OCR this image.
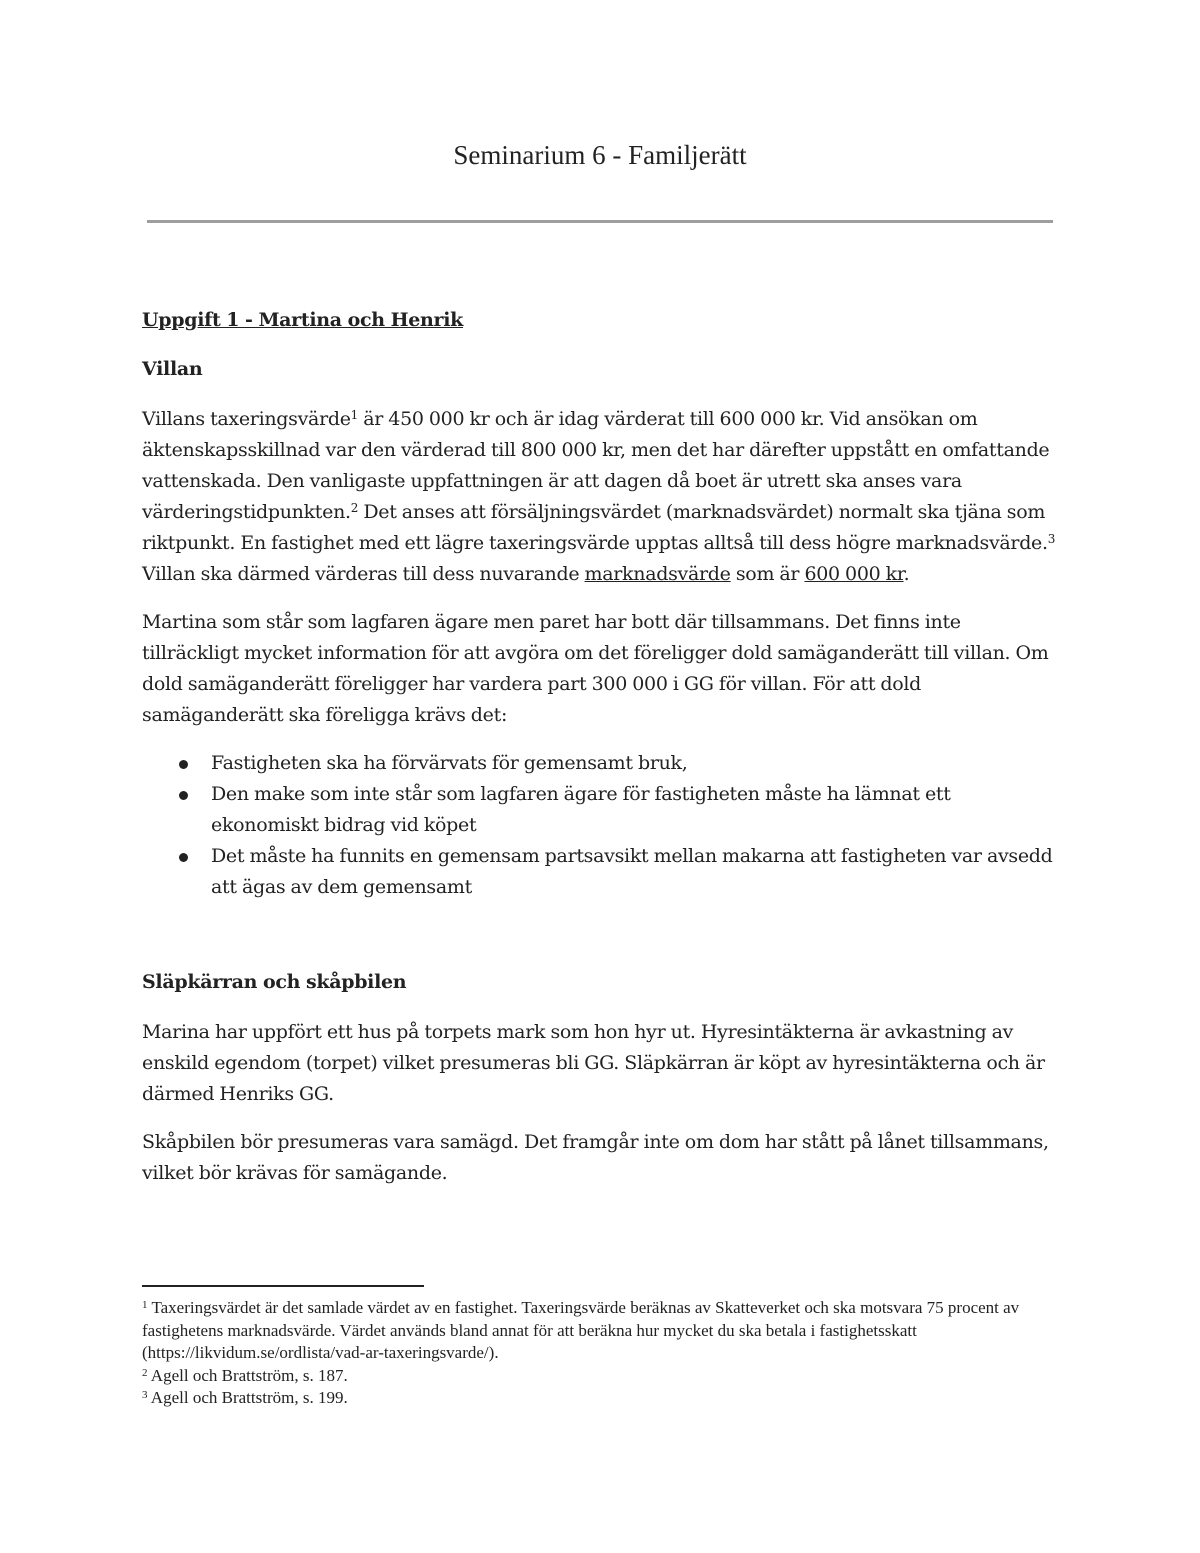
Seminarium 6 - Familjerätt
Uppgift 1 - Martina och Henrik
Villan

Villans taxeringsvärde$^1$ är 450 000 kr och är idag värderat till 600 000 kr. Vid ansökan om äktenskapsskillnad var den värderad till 800 000 kr, men det har därefter uppstått en omfattande vattenskada. Den vanligaste uppfattningen är att dagen då boet är utrett ska anses vara värderingstidpunkten.$^2$ Det anses att försäljningsvärdet (marknadsvärdet) normalt ska tjäna som riktpunkt. En fastighet med ett lägre taxeringsvärde upptas alltså till dess högre marknadsvärde.$^3$ Villan ska därmed värderas till dess nuvarande marknadsvärde som är 600 000 kr.

Martina som står som lagfaren ägare men paret har bott där tillsammans. Det finns inte tillräckligt mycket information för att avgöra om det föreligger dold samäganderätt till villan. Om dold samäganderätt föreligger har vardera part 300 000 i GG för villan. För att dold samäganderätt ska föreligga krävs det:

Fastigheten ska ha förvärvats för gemensamt bruk,
Den make som inte står som lagfaren ägare för fastigheten måste ha lämnat ett ekonomiskt bidrag vid köpet
Det måste ha funnits en gemensam partsavsikt mellan makarna att fastigheten var avsedd att ägas av dem gemensamt
Släpkärran och skåpbilen

Marina har uppfört ett hus på torpets mark som hon hyr ut. Hyresintäkterna är avkastning av enskild egendom (torpet) vilket presumeras bli GG. Släpkärran är köpt av hyresintäkterna och är därmed Henriks GG.

Skåpbilen bör presumeras vara samägd. Det framgår inte om dom har stått på lånet tillsammans, vilket bör krävas för samägande.

$^1$ Taxeringsvärdet är det samlade värdet av en fastighet. Taxeringsvärde beräknas av Skatteverket och ska motsvara 75 procent av fastighetens marknadsvärde. Värdet används bland annat för att beräkna hur mycket du ska betala i fastighetsskatt (https://likvidum.se/ordlista/vad-ar-taxeringsvarde/).

$^2$ Agell och Brattström, s. 187.

$^3$ Agell och Brattström, s. 199.
